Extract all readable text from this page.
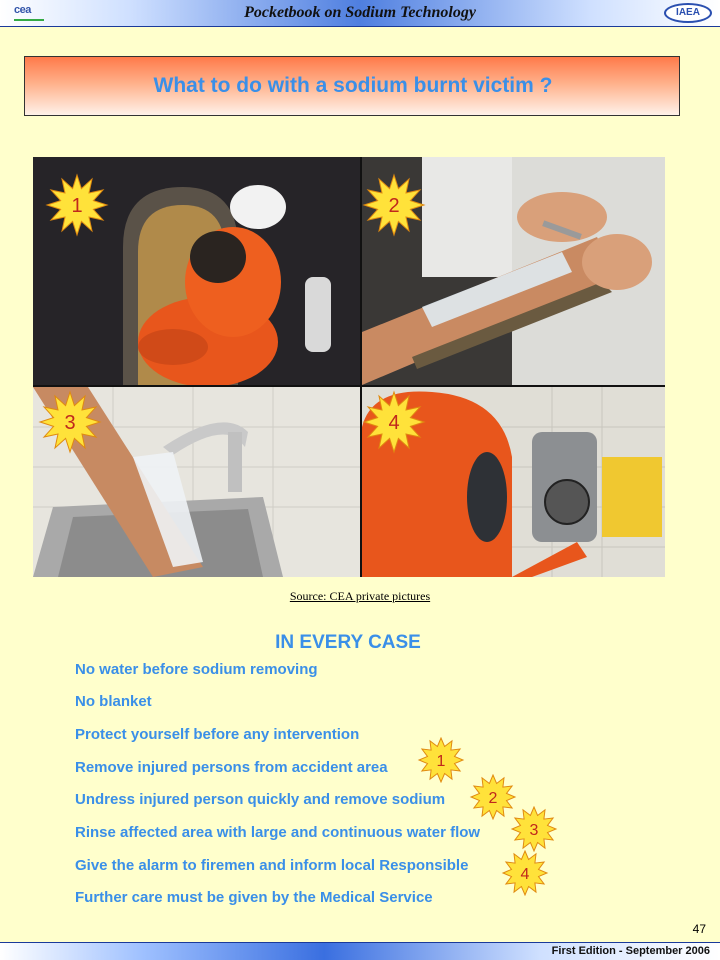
cea	Pocketbook on Sodium Technology	IAEA
What to do with a sodium burnt victim ?
1	2
3	4
Source: CEA private pictures
IN EVERY CASE
No water before sodium removing
No blanket
Protect yourself before any intervention
Remove injured persons from accident area
Undress injured person quickly and remove sodium
Rinse affected area with large and continuous water flow
Give the alarm to firemen and inform local Responsible
Further care must be given by the Medical Service
1
2
3
4
47
First Edition - September 2006
